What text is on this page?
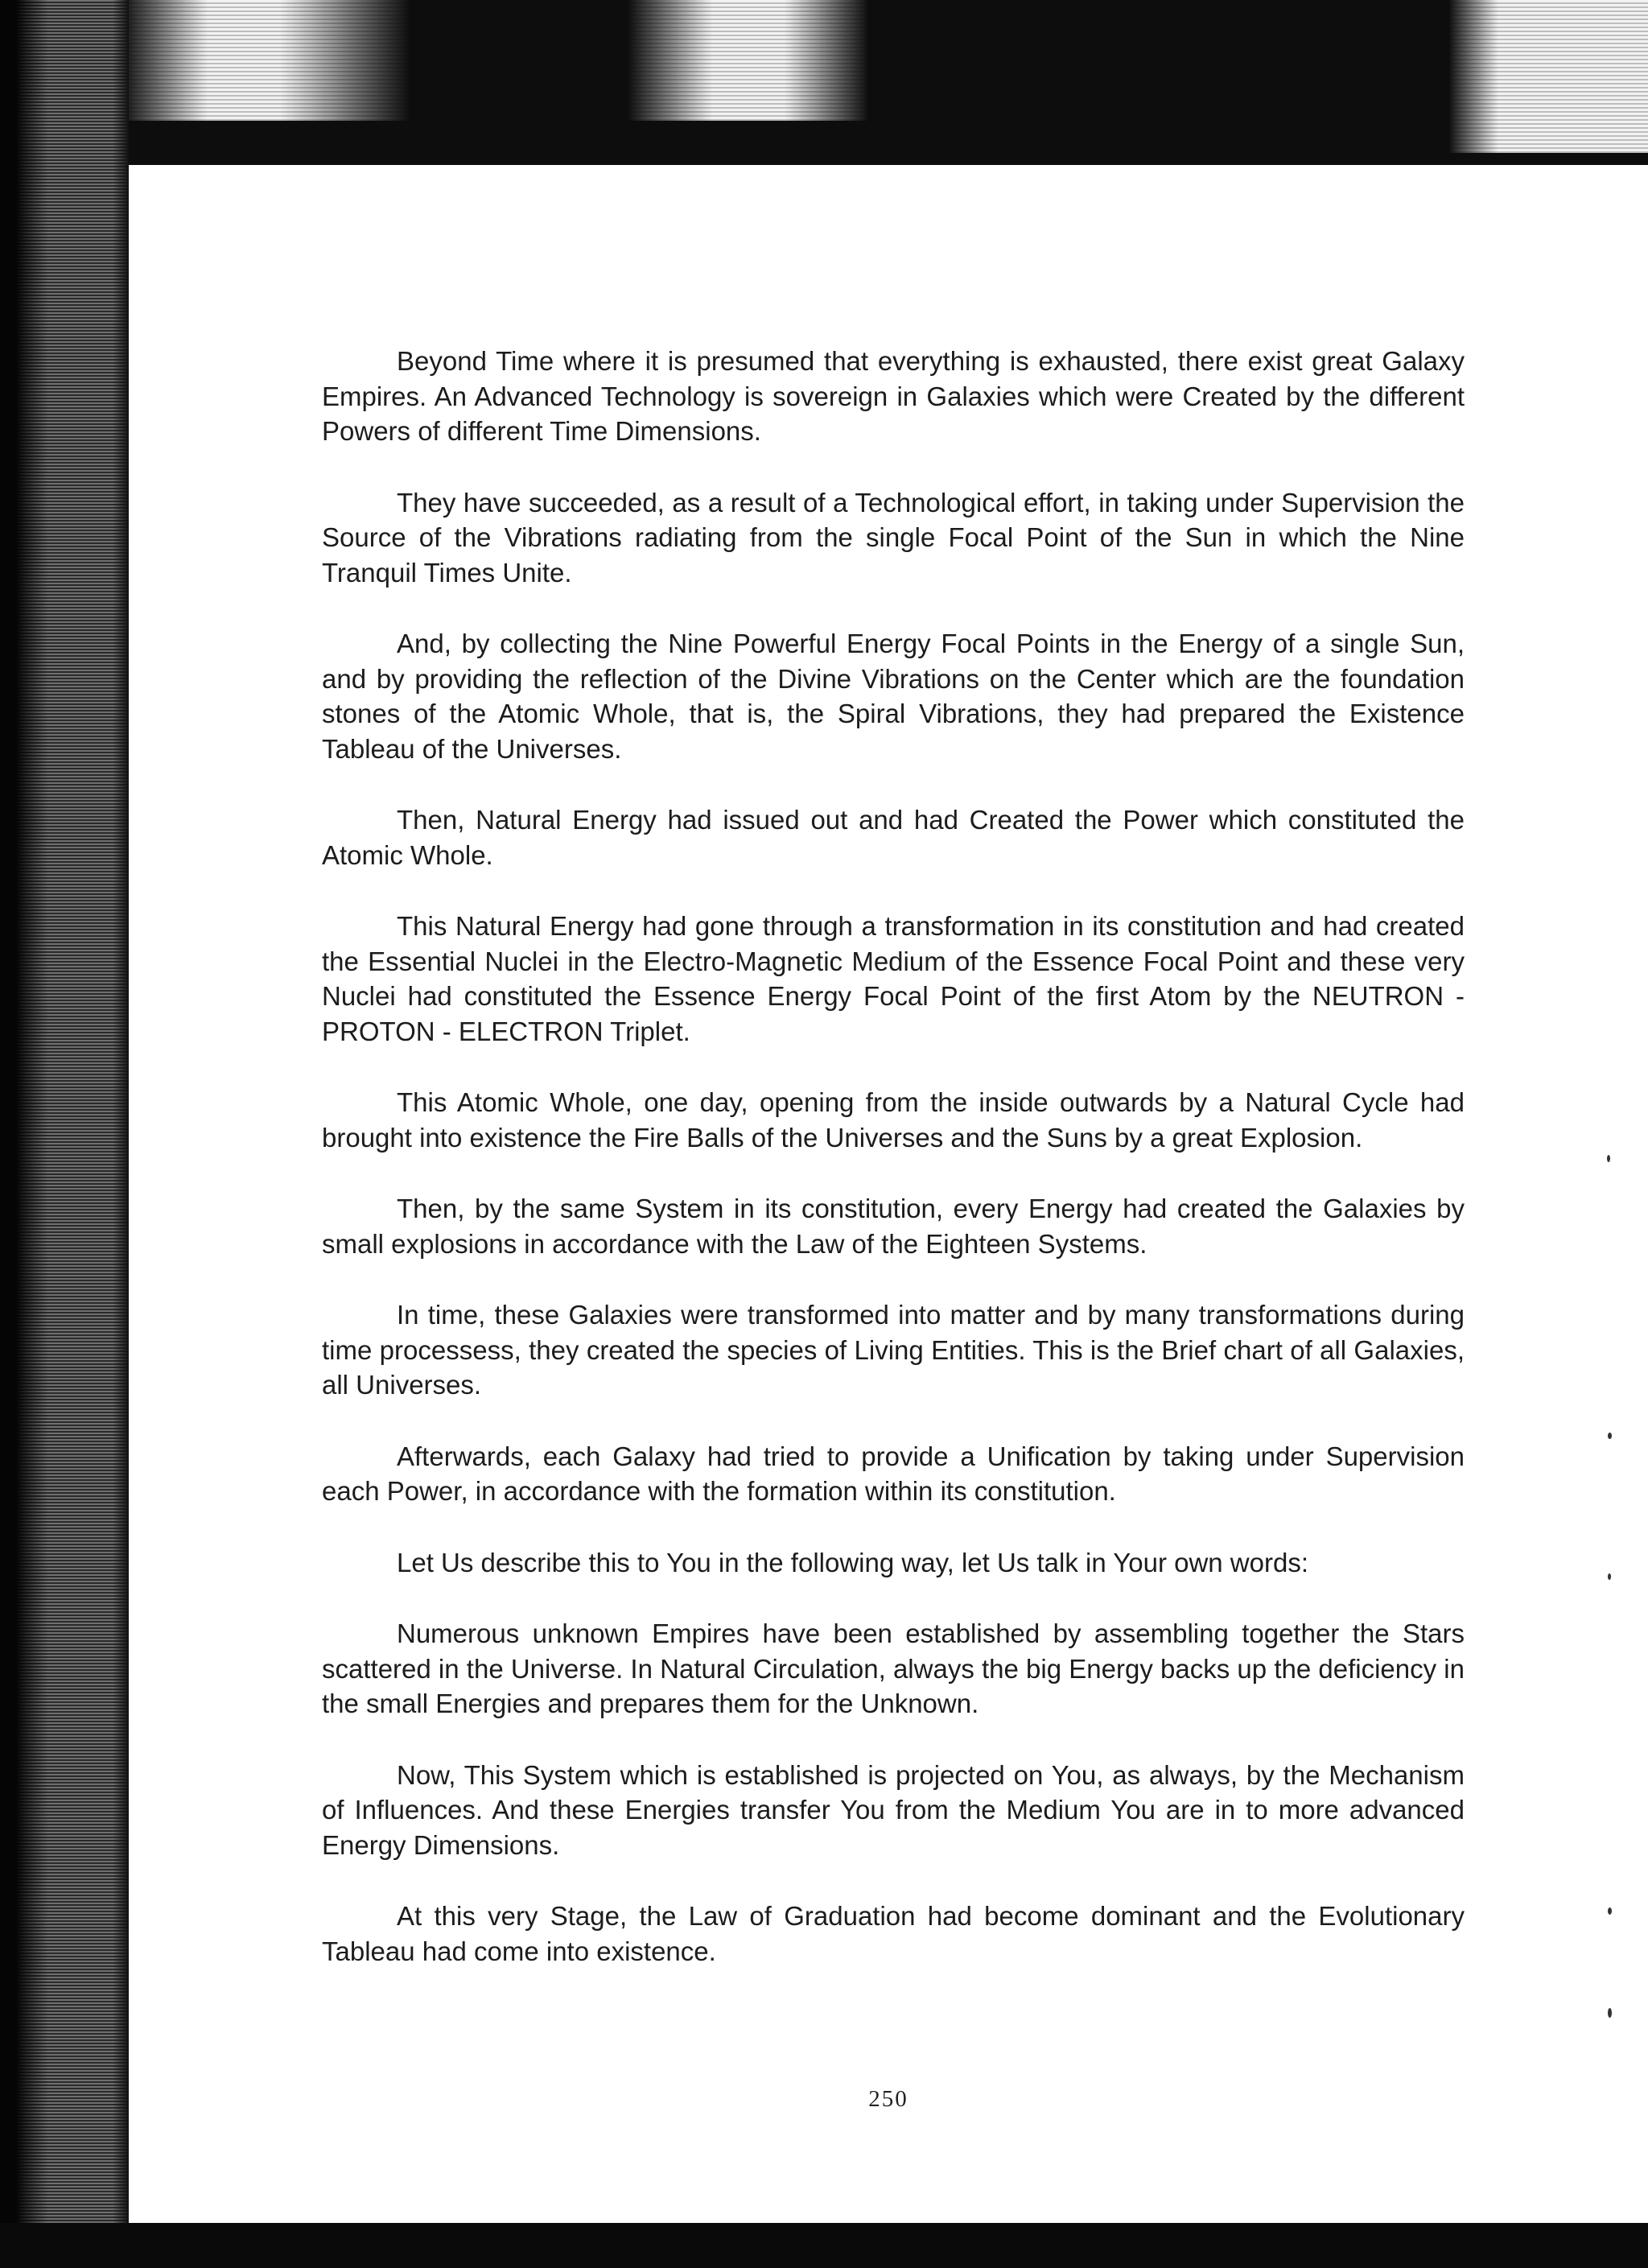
Beyond Time where it is presumed that everything is exhausted, there exist great Galaxy Empires. An Advanced Technology is sovereign in Galaxies which were Created by the different Powers of different Time Dimensions.

They have succeeded, as a result of a Technological effort, in taking under Supervision the Source of the Vibrations radiating from the single Focal Point of the Sun in which the Nine Tranquil Times Unite.

And, by collecting the Nine Powerful Energy Focal Points in the Energy of a single Sun, and by providing the reflection of the Divine Vibrations on the Center which are the foundation stones of the Atomic Whole, that is, the Spiral Vibrations, they had prepared the Existence Tableau of the Universes.

Then, Natural Energy had issued out and had Created the Power which constituted the Atomic Whole.

This Natural Energy had gone through a transformation in its constitution and had created the Essential Nuclei in the Electro-Magnetic Medium of the Essence Focal Point and these very Nuclei had constituted the Essence Energy Focal Point of the first Atom by the NEUTRON - PROTON - ELECTRON Triplet.

This Atomic Whole, one day, opening from the inside outwards by a Natural Cycle had brought into existence the Fire Balls of the Universes and the Suns by a great Explosion.

Then, by the same System in its constitution, every Energy had created the Galaxies by small explosions in accordance with the Law of the Eighteen Systems.

In time, these Galaxies were transformed into matter and by many transformations during time processess, they created the species of Living Entities. This is the Brief chart of all Galaxies, all Universes.

Afterwards, each Galaxy had tried to provide a Unification by taking under Supervision each Power, in accordance with the formation within its constitution.

Let Us describe this to You in the following way, let Us talk in Your own words:

Numerous unknown Empires have been established by assembling together the Stars scattered in the Universe. In Natural Circulation, always the big Energy backs up the deficiency in the small Energies and prepares them for the Unknown.

Now, This System which is established is projected on You, as always, by the Mechanism of Influences. And these Energies transfer You from the Medium You are in to more advanced Energy Dimensions.

At this very Stage, the Law of Graduation had become dominant and the Evolutionary Tableau had come into existence.

250
